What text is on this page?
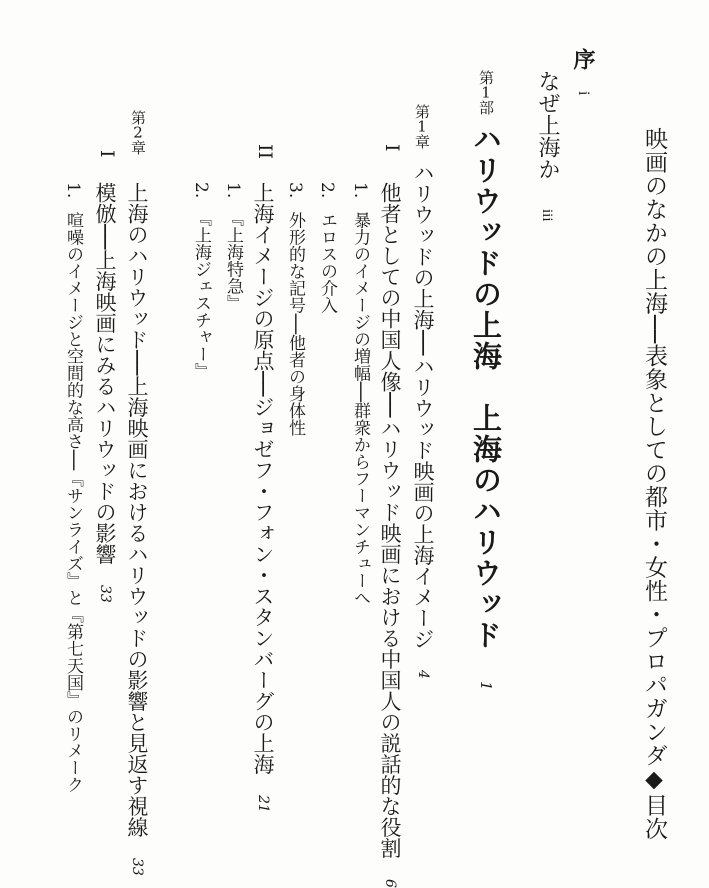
映画のなかの上海──表象としての都市・女性・プロパガンダ◆目次
序 i
なぜ上海か iii
第1部
ハリウッドの上海　上海のハリウッド 1
第1章
ハリウッドの上海──ハリウッド映画の上海イメージ 4
I
他者としての中国人像──ハリウッド映画における中国人の説話的な役割 6
1. 暴力のイメージの増幅──群衆からフーマンチューへ
2. エロスの介入
3. 外形的な記号──他者の身体性
II
上海イメージの原点──ジョゼフ・フォン・スタンバーグの上海 21
1. 『上海特急』
2. 『上海ジェスチャー』
第2章
上海のハリウッド──上海映画におけるハリウッドの影響と見返す視線 33
I
模倣──上海映画にみるハリウッドの影響 33
1. 喧噪のイメージと空間的な高さ──『サンライズ』と『第七天国』のリメーク
